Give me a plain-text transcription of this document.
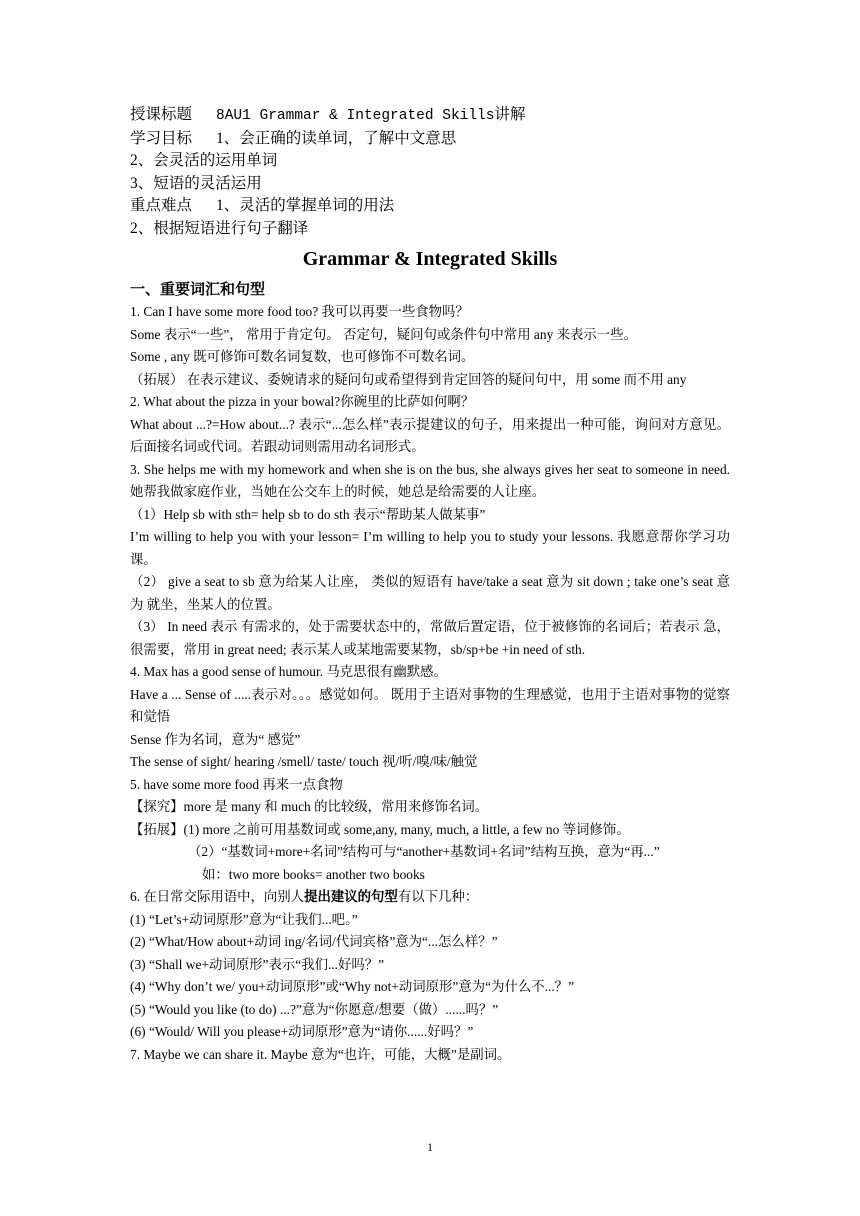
授课标题 8AU1 Grammar & Integrated Skills讲解
学习目标 1、会正确的读单词，了解中文意思
2、会灵活的运用单词
3、短语的灵活运用
重点难点 1、灵活的掌握单词的用法
2、根据短语进行句子翻译
Grammar & Integrated Skills
一、重要词汇和句型

1. Can I have some more food too? 我可以再要一些食物吗？

Some 表示“一些”， 常用于肯定句。 否定句，疑问句或条件句中常用 any 来表示一些。

Some , any 既可修饰可数名词复数，也可修饰不可数名词。

（拓展） 在表示建议、委婉请求的疑问句或希望得到肯定回答的疑问句中，用 some 而不用 any

2. What about the pizza in your bowal?你碗里的比萨如何啊？

What about ...?=How about...? 表示“...怎么样”表示提建议的句子，用来提出一种可能，询问对方意见。后面接名词或代词。若跟动词则需用动名词形式。

3. She helps me with my homework and when she is on the bus, she always gives her seat to someone in need. 她帮我做家庭作业，当她在公交车上的时候，她总是给需要的人让座。

（1）Help sb with sth= help sb to do sth 表示“帮助某人做某事”

I’m willing to help you with your lesson= I’m willing to help you to study your lessons. 我愿意帮你学习功课。

（2） give a seat to sb 意为给某人让座， 类似的短语有 have/take a seat 意为 sit down ; take one’s seat 意为 就坐，坐某人的位置。

（3） In need 表示 有需求的，处于需要状态中的，常做后置定语，位于被修饰的名词后；若表示 急，很需要，常用 in great need; 表示某人或某地需要某物，sb/sp+be +in need of sth.

4. Max has a good sense of humour. 马克思很有幽默感。

Have a ... Sense of .....表示对。。。感觉如何。 既用于主语对事物的生理感觉，也用于主语对事物的觉察和觉悟

Sense 作为名词，意为“ 感觉”

The sense of sight/ hearing /smell/ taste/ touch 视/听/嗅/味/触觉

5. have some more food 再来一点食物

【探究】more 是 many 和 much 的比较级，常用来修饰名词。

【拓展】(1) more 之前可用基数词或 some,any, many, much, a little, a few no 等词修饰。

（2）“基数词+more+名词”结构可与“another+基数词+名词”结构互换，意为“再...”

如：two more books= another two books

6. 在日常交际用语中，向别人提出建议的句型有以下几种：

(1) “Let’s+动词原形”意为“让我们...吧。”

(2) “What/How about+动词 ing/名词/代词宾格”意为“...怎么样？”

(3) “Shall we+动词原形”表示“我们...好吗？”

(4) “Why don’t we/ you+动词原形”或“Why not+动词原形”意为“为什么不...？”

(5) “Would you like (to do) ...?”意为“你愿意/想要（做）......吗？”

(6) “Would/ Will you please+动词原形”意为“请你......好吗？”

7. Maybe we can share it. Maybe 意为“也许，可能，大概”是副词。

1
